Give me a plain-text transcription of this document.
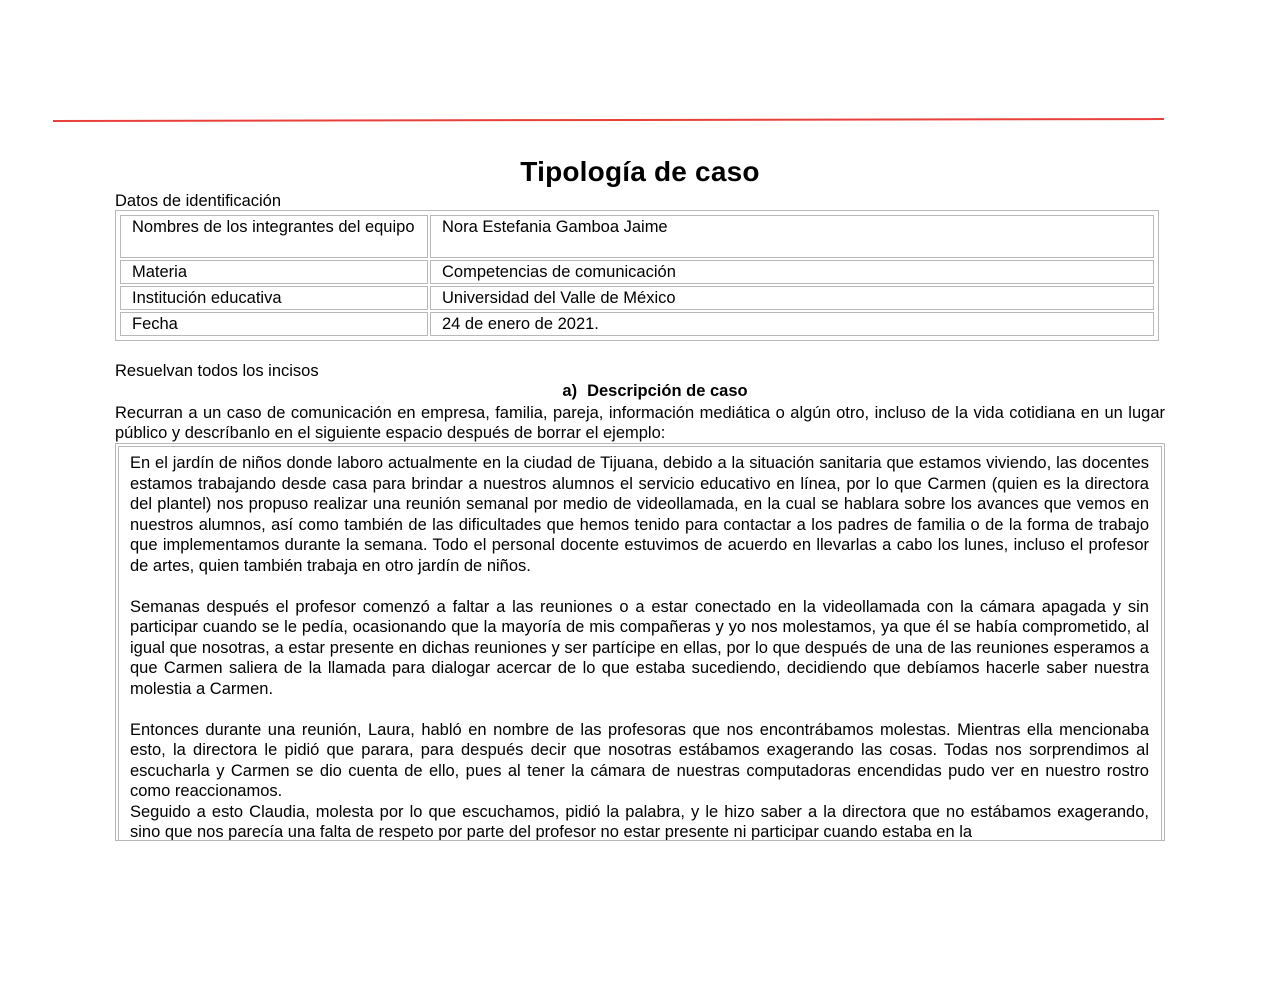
Tipología de caso
Datos de identificación
Nombres de los integrantes del equipo	Nora Estefania Gamboa Jaime
Materia	Competencias de comunicación
Institución educativa	Universidad del Valle de México
Fecha	24 de enero de 2021.
Resuelvan todos los incisos
a) Descripción de caso
Recurran a un caso de comunicación en empresa, familia, pareja, información mediática o algún otro, incluso de la vida cotidiana en un lugar público y descríbanlo en el siguiente espacio después de borrar el ejemplo:

En el jardín de niños donde laboro actualmente en la ciudad de Tijuana, debido a la situación sanitaria que estamos viviendo, las docentes estamos trabajando desde casa para brindar a nuestros alumnos el servicio educativo en línea, por lo que Carmen (quien es la directora del plantel) nos propuso realizar una reunión semanal por medio de videollamada, en la cual se hablara sobre los avances que vemos en nuestros alumnos, así como también de las dificultades que hemos tenido para contactar a los padres de familia o de la forma de trabajo que implementamos durante la semana. Todo el personal docente estuvimos de acuerdo en llevarlas a cabo los lunes, incluso el profesor de artes, quien también trabaja en otro jardín de niños.

Semanas después el profesor comenzó a faltar a las reuniones o a estar conectado en la videollamada con la cámara apagada y sin participar cuando se le pedía, ocasionando que la mayoría de mis compañeras y yo nos molestamos, ya que él se había comprometido, al igual que nosotras, a estar presente en dichas reuniones y ser partícipe en ellas, por lo que después de una de las reuniones esperamos a que Carmen saliera de la llamada para dialogar acercar de lo que estaba sucediendo, decidiendo que debíamos hacerle saber nuestra molestia a Carmen.

Entonces durante una reunión, Laura, habló en nombre de las profesoras que nos encontrábamos molestas. Mientras ella mencionaba esto, la directora le pidió que parara, para después decir que nosotras estábamos exagerando las cosas. Todas nos sorprendimos al escucharla y Carmen se dio cuenta de ello, pues al tener la cámara de nuestras computadoras encendidas pudo ver en nuestro rostro como reaccionamos.

Seguido a esto Claudia, molesta por lo que escuchamos, pidió la palabra, y le hizo saber a la directora que no estábamos exagerando, sino que nos parecía una falta de respeto por parte del profesor no estar presente ni participar cuando estaba en la
